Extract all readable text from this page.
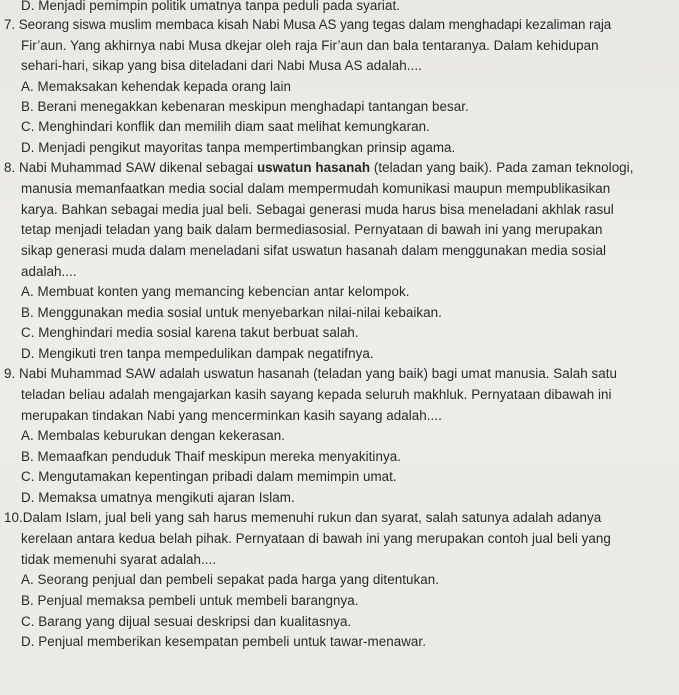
D. Menjadi pemimpin politik umatnya tanpa peduli pada syariat.
7. Seorang siswa muslim membaca kisah Nabi Musa AS yang tegas dalam menghadapi kezaliman raja
Fir’aun. Yang akhirnya nabi Musa dkejar oleh raja Fir’aun dan bala tentaranya. Dalam kehidupan
sehari-hari, sikap yang bisa diteladani dari Nabi Musa AS adalah....
A. Memaksakan kehendak kepada orang lain
B. Berani menegakkan kebenaran meskipun menghadapi tantangan besar.
C. Menghindari konflik dan memilih diam saat melihat kemungkaran.
D. Menjadi pengikut mayoritas tanpa mempertimbangkan prinsip agama.
8. Nabi Muhammad SAW dikenal sebagai uswatun hasanah (teladan yang baik). Pada zaman teknologi,
manusia memanfaatkan media social dalam mempermudah komunikasi maupun mempublikasikan
karya. Bahkan sebagai media jual beli. Sebagai generasi muda harus bisa meneladani akhlak rasul
tetap menjadi teladan yang baik dalam bermediasosial. Pernyataan di bawah ini yang merupakan
sikap generasi muda dalam meneladani sifat uswatun hasanah dalam menggunakan media sosial
adalah....
A. Membuat konten yang memancing kebencian antar kelompok.
B. Menggunakan media sosial untuk menyebarkan nilai-nilai kebaikan.
C. Menghindari media sosial karena takut berbuat salah.
D. Mengikuti tren tanpa mempedulikan dampak negatifnya.
9. Nabi Muhammad SAW adalah uswatun hasanah (teladan yang baik) bagi umat manusia. Salah satu
teladan beliau adalah mengajarkan kasih sayang kepada seluruh makhluk. Pernyataan dibawah ini
merupakan tindakan Nabi yang mencerminkan kasih sayang adalah....
A. Membalas keburukan dengan kekerasan.
B. Memaafkan penduduk Thaif meskipun mereka menyakitinya.
C. Mengutamakan kepentingan pribadi dalam memimpin umat.
D. Memaksa umatnya mengikuti ajaran Islam.
10.Dalam Islam, jual beli yang sah harus memenuhi rukun dan syarat, salah satunya adalah adanya
kerelaan antara kedua belah pihak. Pernyataan di bawah ini yang merupakan contoh jual beli yang
tidak memenuhi syarat adalah....
A. Seorang penjual dan pembeli sepakat pada harga yang ditentukan.
B. Penjual memaksa pembeli untuk membeli barangnya.
C. Barang yang dijual sesuai deskripsi dan kualitasnya.
D. Penjual memberikan kesempatan pembeli untuk tawar-menawar.
